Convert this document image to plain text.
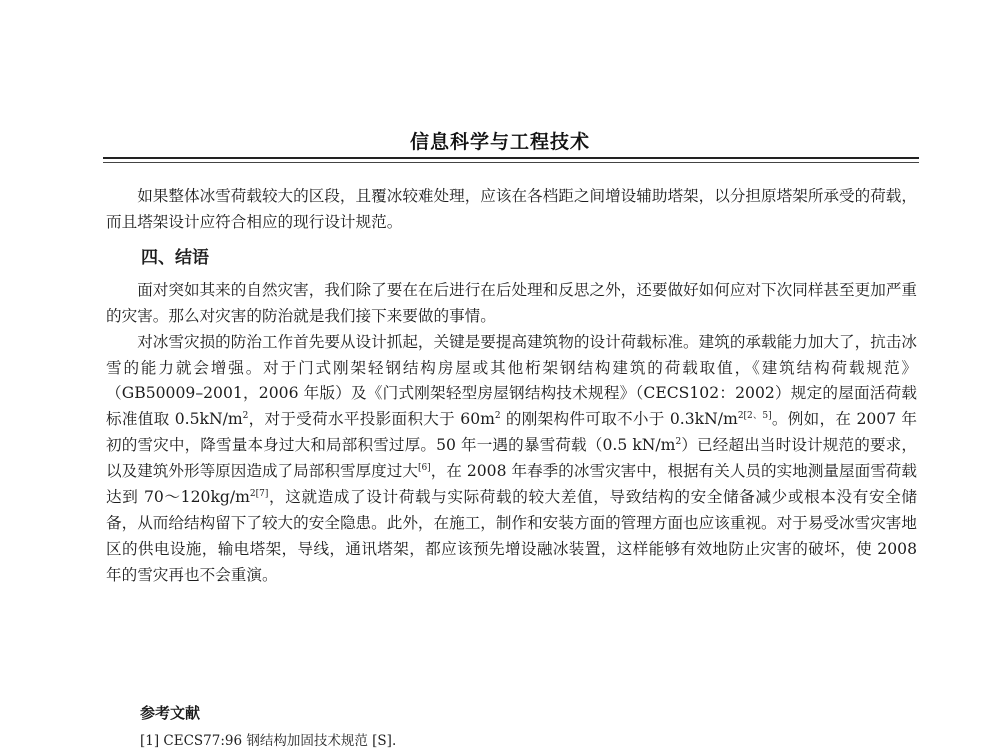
信息科学与工程技术

如果整体冰雪荷载较大的区段，且覆冰较难处理，应该在各档距之间增设辅助塔架，以分担原塔架所承受的荷载，而且塔架设计应符合相应的现行设计规范。

四、结语

面对突如其来的自然灾害，我们除了要在在后进行在后处理和反思之外，还要做好如何应对下次同样甚至更加严重的灾害。那么对灾害的防治就是我们接下来要做的事情。

对冰雪灾损的防治工作首先要从设计抓起，关键是要提高建筑物的设计荷载标准。建筑的承载能力加大了，抗击冰雪的能力就会增强。对于门式刚架轻钢结构房屋或其他桁架钢结构建筑的荷载取值，《建筑结构荷载规范》（GB50009–2001，2006 年版）及《门式刚架轻型房屋钢结构技术规程》（CECS102：2002）规定的屋面活荷载标准值取 $0.5kN/m^2$，对于受荷水平投影面积大于 $60m^2$ 的刚架构件可取不小于 $0.3kN/m^{2[2、5]}$。例如，在 2007 年初的雪灾中，降雪量本身过大和局部积雪过厚。50 年一遇的暴雪荷载（0.5 $kN/m^2$）已经超出当时设计规范的要求，以及建筑外形等原因造成了局部积雪厚度过大[6]，在 2008 年春季的冰雪灾害中，根据有关人员的实地测量屋面雪荷载达到 $70\sim 120kg/m^{2[7]}$，这就造成了设计荷载与实际荷载的较大差值，导致结构的安全储备减少或根本没有安全储备，从而给结构留下了较大的安全隐患。此外，在施工，制作和安装方面的管理方面也应该重视。对于易受冰雪灾害地区的供电设施，输电塔架，导线，通讯塔架，都应该预先增设融冰装置，这样能够有效地防止灾害的破坏，使 2008 年的雪灾再也不会重演。

参考文献
[1] CECS77:96 钢结构加固技术规范 [S].
